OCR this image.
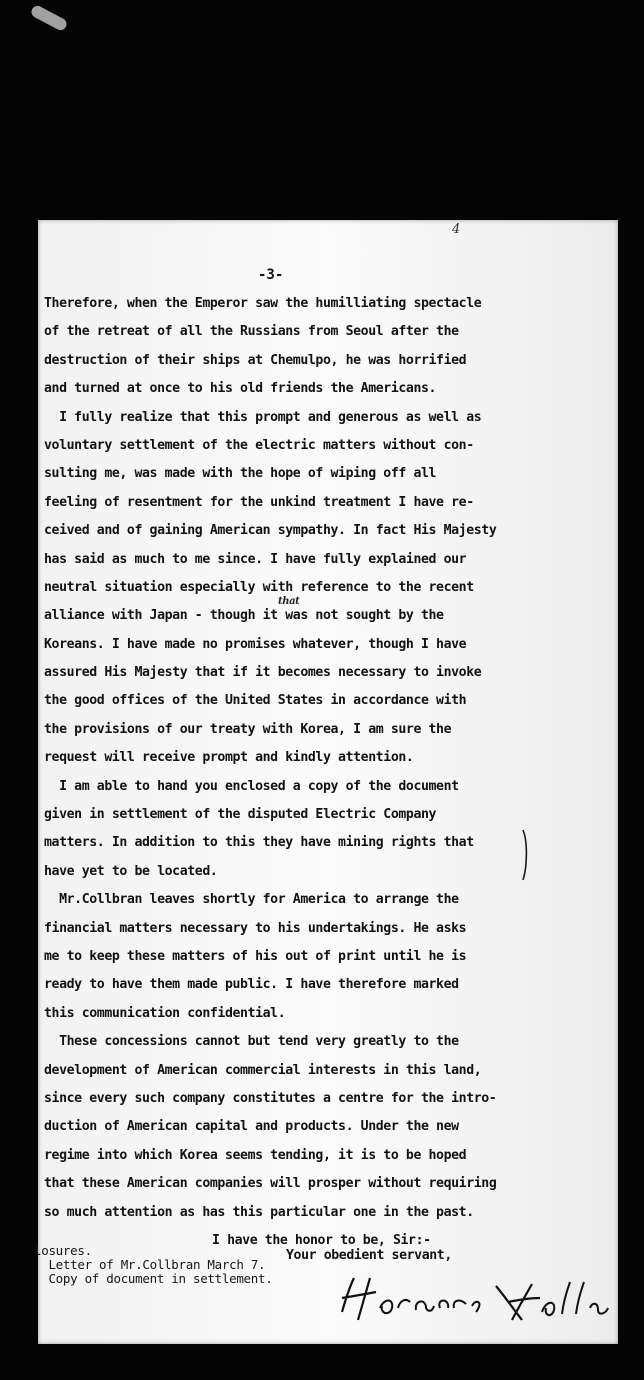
4
-3-
Therefore, when the Emperor saw the humilliating spectacle
of the retreat of all the Russians from Seoul after the
destruction of their ships at Chemulpo, he was horrified
and turned at once to his old friends the Americans.
I fully realize that this prompt and generous as well as
voluntary settlement of the electric matters without con-
sulting me, was made with the hope of wiping off all
feeling of resentment for the unkind treatment I have re-
ceived and of gaining American sympathy. In fact His Majesty
has said as much to me since. I have fully explained our
neutral situation especially with reference to the recent
alliance with Japan - though it was not sought by the
Koreans. I have made no promises whatever, though I have
assured His Majesty that if it becomes necessary to invoke
the good offices of the United States in accordance with
the provisions of our treaty with Korea, I am sure the
request will receive prompt and kindly attention.
I am able to hand you enclosed a copy of the document
given in settlement of the disputed Electric Company
matters. In addition to this they have mining rights that
have yet to be located.
Mr.Collbran leaves shortly for America to arrange the
financial matters necessary to his undertakings. He asks
me to keep these matters of his out of print until he is
ready to have them made public. I have therefore marked
this communication confidential.
These concessions cannot but tend very greatly to the
development of American commercial interests in this land,
since every such company constitutes a centre for the intro-
duction of American capital and products. Under the new
regime into which Korea seems tending, it is to be hoped
that these American companies will prosper without requiring
so much attention as has this particular one in the past.
that
I have the honor to be, Sir:-
Your obedient servant,
losures.
Letter of Mr.Collbran March 7.
Copy of document in settlement.
